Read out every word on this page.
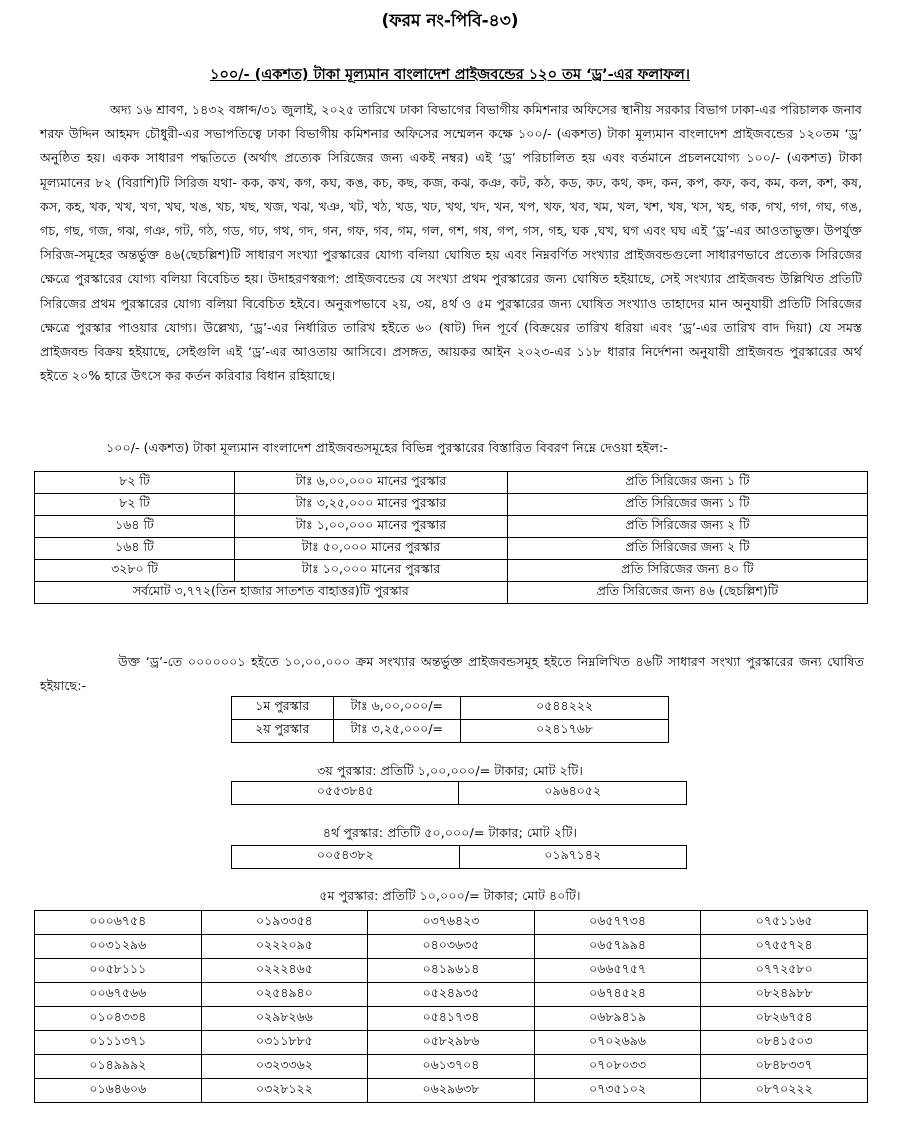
(ফরম নং-পিবি-৪৩)
১০০/- (একশত) টাকা মূল্যমান বাংলাদেশ প্রাইজবন্ডের ১২০ তম ‘ড্র’-এর ফলাফল।
অদ্য ১৬ শ্রাবণ, ১৪৩২ বঙ্গাব্দ/৩১ জুলাই, ২০২৫ তারিখে ঢাকা বিভাগের বিভাগীয় কমিশনার অফিসের স্থানীয় সরকার বিভাগ ঢাকা-এর পরিচালক জনাব শরফ উদ্দিন আহমদ চৌধুরী-এর সভাপতিত্বে ঢাকা বিভাগীয় কমিশনার অফিসের সম্মেলন কক্ষে ১০০/- (একশত) টাকা মূল্যমান বাংলাদেশ প্রাইজবন্ডের ১২০তম ‘ড্র’ অনুষ্ঠিত হয়। একক সাধারণ পদ্ধতিতে (অর্থাৎ প্রত্যেক সিরিজের জন্য একই নম্বর) এই ‘ড্র’ পরিচালিত হয় এবং বর্তমানে প্রচলনযোগ্য ১০০/- (একশত) টাকা মূল্যমানের ৮২ (বিরাশি)টি সিরিজ যথা- কক, কখ, কগ, কঘ, কঙ, কচ, কছ, কজ, কঝ, কঞ, কট, কঠ, কড, কঢ, কথ, কদ, কন, কপ, কফ, কব, কম, কল, কশ, কষ, কস, কহ, খক, খখ, খগ, খঘ, খঙ, খচ, খছ, খজ, খঝ, খঞ, খট, খঠ, খড, খঢ, খথ, খদ, খন, খপ, খফ, খব, খম, খল, খশ, খষ, খস, খহ, গক, গখ, গগ, গঘ, গঙ, গচ, গছ, গজ, গঝ, গঞ, গট, গঠ, গড, গঢ, গথ, গদ, গন, গফ, গব, গম, গল, গশ, গষ, গপ, গস, গহ, ঘক ,ঘখ, ঘগ এবং ঘঘ এই ‘ড্র’-এর আওতাভুক্ত। উপর্যুক্ত সিরিজ-সমূহের অন্তর্ভুক্ত ৪৬(ছেচল্লিশ)টি সাধারণ সংখ্যা পুরস্কারের যোগ্য বলিয়া ঘোষিত হয় এবং নিম্নবর্ণিত সংখ্যার প্রাইজবন্ডগুলো সাধারণভাবে প্রত্যেক সিরিজের ক্ষেত্রে পুরস্কারের যোগ্য বলিয়া বিবেচিত হয়। উদাহরণস্বরূপ: প্রাইজবন্ডের যে সংখ্যা প্রথম পুরস্কারের জন্য ঘোষিত হইয়াছে, সেই সংখ্যার প্রাইজবন্ড উল্লিখিত প্রতিটি সিরিজের প্রথম পুরস্কারের যোগ্য বলিয়া বিবেচিত হইবে। অনুরূপভাবে ২য়, ৩য়, ৪র্থ ও ৫ম পুরস্কারের জন্য ঘোষিত সংখ্যাও তাহাদের মান অনুযায়ী প্রতিটি সিরিজের ক্ষেত্রে পুরস্কার পাওয়ার যোগ্য। উল্লেখ্য, ‘ড্র’-এর নির্ধারিত তারিখ হইতে ৬০ (ষাট) দিন পূর্বে (বিক্রয়ের তারিখ ধরিয়া এবং ‘ড্র’-এর তারিখ বাদ দিয়া) যে সমস্ত প্রাইজবন্ড বিক্রয় হইয়াছে, সেইগুলি এই ‘ড্র’-এর আওতায় আসিবে। প্রসঙ্গত, আয়কর আইন ২০২৩-এর ১১৮ ধারার নির্দেশনা অনুযায়ী প্রাইজবন্ড পুরস্কারের অর্থ হইতে ২০% হারে উৎসে কর কর্তন করিবার বিধান রহিয়াছে।
১০০/- (একশত) টাকা মূল্যমান বাংলাদেশ প্রাইজবন্ডসমূহের বিভিন্ন পুরস্কারের বিস্তারিত বিবরণ নিম্নে দেওয়া হইল:-
৮২ টি	টাঃ ৬,০০,০০০ মানের পুরস্কার	প্রতি সিরিজের জন্য ১ টি
৮২ টি	টাঃ ৩,২৫,০০০ মানের পুরস্কার	প্রতি সিরিজের জন্য ১ টি
১৬৪ টি	টাঃ ১,০০,০০০ মানের পুরস্কার	প্রতি সিরিজের জন্য ২ টি
১৬৪ টি	টাঃ ৫০,০০০ মানের পুরস্কার	প্রতি সিরিজের জন্য ২ টি
৩২৮০ টি	টাঃ ১০,০০০ মানের পুরস্কার	প্রতি সিরিজের জন্য ৪০ টি
সর্বমোট ৩,৭৭২(তিন হাজার সাতশত বাহাত্তর)টি পুরস্কার		প্রতি সিরিজের জন্য ৪৬ (ছেচল্লিশ)টি
উক্ত ‘ড্র’-তে ০০০০০০১ হইতে ১০,০০,০০০ ক্রম সংখ্যার অন্তর্ভুক্ত প্রাইজবন্ডসমূহ হইতে নিম্নলিখিত ৪৬টি সাধারণ সংখ্যা পুরস্কারের জন্য ঘোষিত হইয়াছে:-
১ম পুরস্কার	টাঃ ৬,০০,০০০/=	০৫৪৪২২২
২য় পুরস্কার	টাঃ ৩,২৫,০০০/=	০২৪১৭৬৮
৩য় পুরস্কার: প্রতিটি ১,০০,০০০/= টাকার; মোট ২টি।
০৫৫৩৮৪৫	০৯৬৪০৫২
৪র্থ পুরস্কার: প্রতিটি ৫০,০০০/= টাকার; মোট ২টি।
০০৫৪৩৮২	০১৯৭১৪২
৫ম পুরস্কার: প্রতিটি ১০,০০০/= টাকার; মোট ৪০টি।
০০০৬৭৫৪	০১৯৩৩৫৪	০৩৭৬৪২৩	০৬৫৭৭৩৪	০৭৫১১৬৫
০০৩১২৯৬	০২২২০৯৫	০৪০৩৬৩৫	০৬৫৭৯৯৪	০৭৫৫৭২৪
০০৫৮১১১	০২২২৪৬৫	০৪১৯৬১৪	০৬৬৫৭৫৭	০৭৭২৫৮০
০০৬৭৫৬৬	০২৫৪৯৪০	০৫২৪৯৩৫	০৬৭৪৫২৪	০৮২৪৯৮৮
০১০৪৩৩৪	০২৯৮২৬৬	০৫৪১৭৩৪	০৬৮৯৪১৯	০৮২৬৭৫৪
০১১১৩৭১	০৩১১৮৮৫	০৫৮২৯৮৬	০৭০২৬৯৬	০৮৪১৫০৩
০১৪৯৯৯২	০৩২৩৩৬২	০৬১৩৭০৪	০৭০৮০৩৩	০৮৪৮৩৩৭
০১৬৪৬০৬	০৩২৮১২২	০৬২৯৬৩৮	০৭৩৫১০২	০৮৭০২২২
